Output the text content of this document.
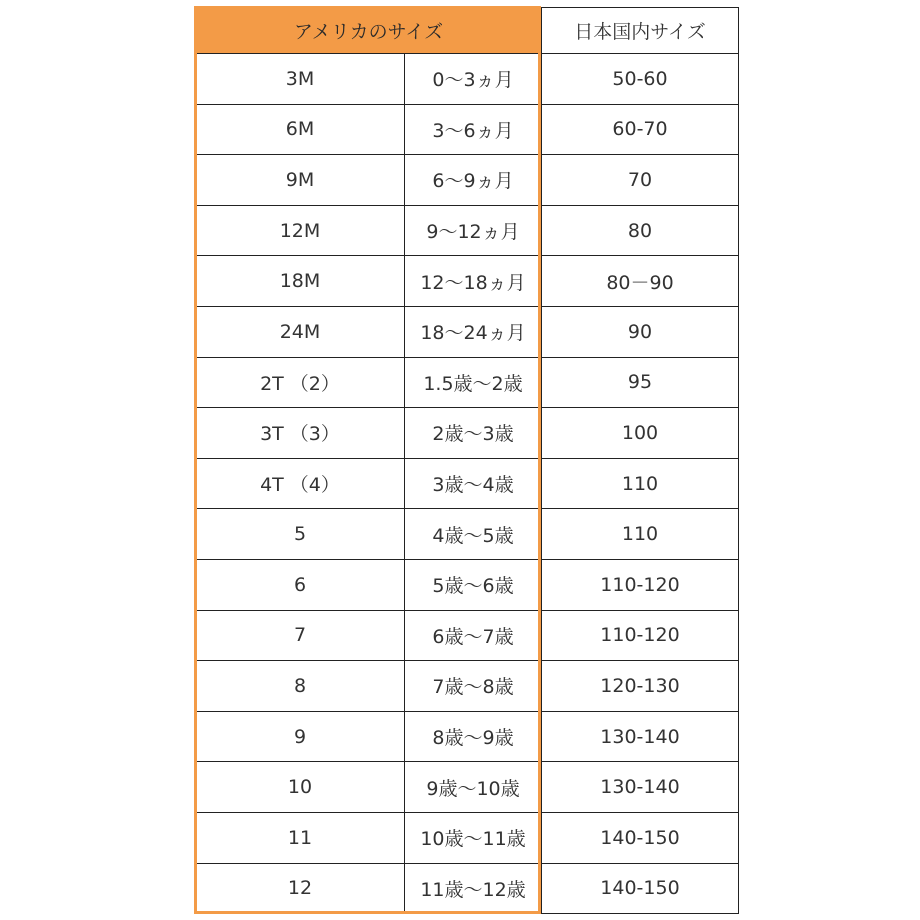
アメリカのサイズ		日本国内サイズ
3M	0～3ヵ月	50-60
6M	3～6ヵ月	60-70
9M	6～9ヵ月	70
12M	9～12ヵ月	80
18M	12～18ヵ月	80－90
24M	18～24ヵ月	90
2T （2）	1.5歳～2歳	95
3T （3）	2歳～3歳	100
4T （4）	3歳～4歳	110
5	4歳～5歳	110
6	5歳～6歳	110-120
7	6歳～7歳	110-120
8	7歳～8歳	120-130
9	8歳～9歳	130-140
10	9歳～10歳	130-140
11	10歳～11歳	140-150
12	11歳～12歳	140-150
